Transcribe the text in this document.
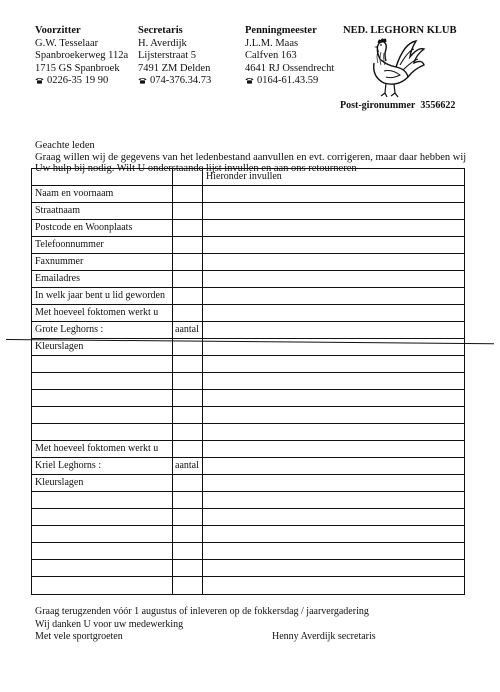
Voorzitter
G.W. Tesselaar
Spanbroekerweg 112a
1715 GS Spanbroek
0226-35 19 90
Secretaris
H. Averdijk
Lijsterstraat 5
7491 ZM Delden
074-376.34.73
Penningmeester
J.L.M. Maas
Calfven 163
4641 RJ Ossendrecht
0164-61.43.59
NED. LEGHORN KLUB
Post-gironummer 3556622
Geachte leden
Graag willen wij de gegevens van het ledenbestand aanvullen en evt. corrigeren, maar daar hebben wij
Uw hulp bij nodig. Wilt U onderstaande lijst invullen en aan ons retourneren
Hieronder invullen
Naam en voornaam
Straatnaam
Postcode en Woonplaats
Telefoonnummer
Faxnummer
Emailadres
In welk jaar bent u lid geworden
Met hoeveel foktomen werkt u
Grote Leghorns :	aantal
Kleurslagen
Met hoeveel foktomen werkt u
Kriel Leghorns :	aantal
Kleurslagen
Graag terugzenden vóór 1 augustus of inleveren op de fokkersdag / jaarvergadering
Wij danken U voor uw medewerking
Met vele sportgroeten	Henny Averdijk secretaris
